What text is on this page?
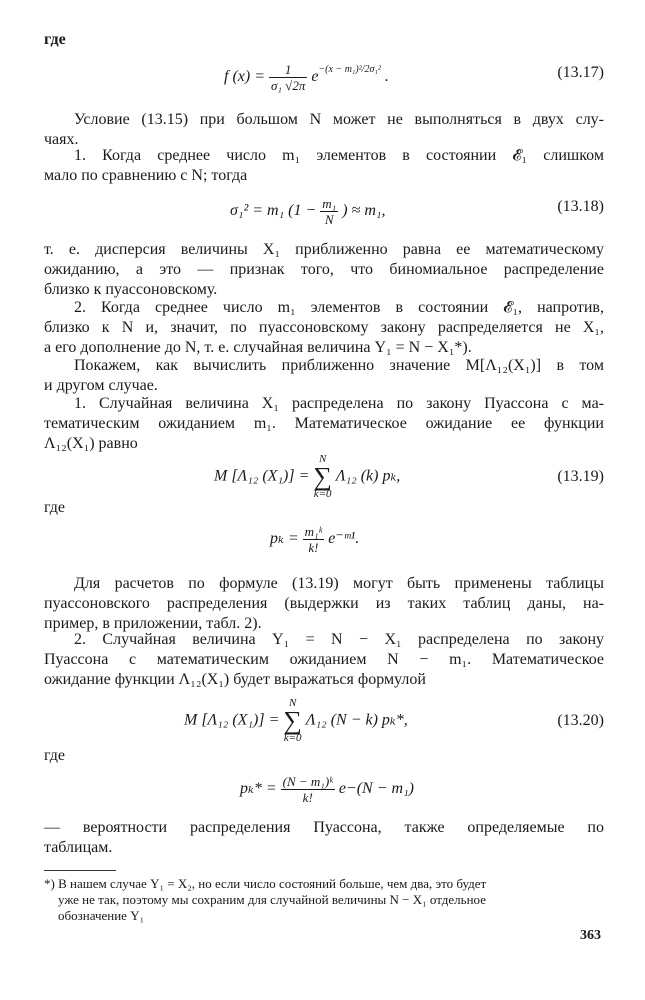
где
f $(x) = \frac{1}{\text{σ₁ √2π}} e^{-(x - m_1)^2/2\sigma_1^2}$ .	(13.17)
Условие (13.15) при большом N может не выполняться в двух слу-
чаях.
1. Когда среднее число m₁ элементов в состоянии 𝓔₁ слишком
мало по сравнению с N; тогда
σ₁² = m₁ ($1 - \frac{\text{m₁}}{N}$ ) ≈ m₁,	(13.18)
т. е. дисперсия величины X₁ приближенно равна ее математическому
ожиданию, а это — признак того, что биномиальное распределение
близко к пуассоновскому.
2. Когда среднее число m₁ элементов в состоянии 𝓔₁, напротив,
близко к N и, значит, по пуассоновскому закону распределяется не X₁,
а его дополнение до N, т. е. случайная величина Y₁ = N − X₁*).
Покажем, как вычислить приближенно значение M[Λ₁₂(X₁)] в том
и другом случае.
1. Случайная величина X₁ распределена по закону Пуассона с ма-
тематическим ожиданием m₁. Математическое ожидание ее функции
Λ₁₂(X₁) равно
M [Λ₁₂ (X₁)] = N
∑
k=0 Λ₁₂ (k) pₖ,	(13.19)
где
$p_k = \frac{\text{m₁ᵏ}}{k!}$ e⁻ᵐ¹.
Для расчетов по формуле (13.19) могут быть применены таблицы
пуассоновского распределения (выдержки из таких таблиц даны, на-
пример, в приложении, табл. 2).
2. Случайная величина Y₁ = N − X₁ распределена по закону
Пуассона с математическим ожиданием N − m₁. Математическое
ожидание функции Λ₁₂(X₁) будет выражаться формулой
M [Λ₁₂ (X₁)] = N
∑
k=0 Λ₁₂ (N − k) pₖ*,	(13.20)
где
$p_k* = \frac{\text{(N − m₁)ᵏ}}{k!} e-(N - m_1)$
— вероятности распределения Пуассона, также определяемые по
таблицам.
*) В нашем случае Y₁ = X₂, но если число состояний больше, чем два, это будет
уже не так, поэтому мы сохраним для случайной величины N − X₁ отдельное
обозначение Y₁
363
